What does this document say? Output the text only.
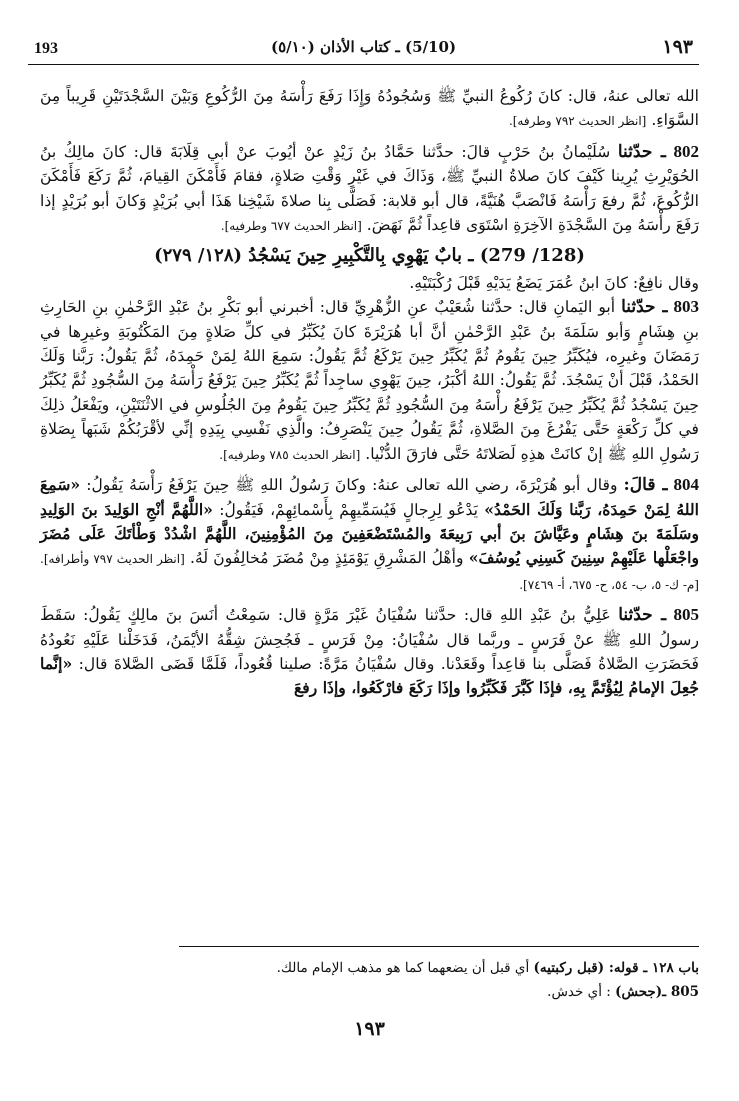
193	(5/10) ـ كتاب الأذان (٥/١٠)	١٩٣

الله تعالى عنهُ، قال: كانَ رُكُوعُ النبيِّ ﷺ وَسُجُودُهُ وَإِذَا رَفَعَ رَأْسَهُ مِنَ الرُّكُوعِ وَبَيْنَ السَّجْدَتَيْنِ قَرِيباً مِنَ السَّوَاءِ. [انظر الحديث ٧٩٢ وطرفه].

802 ـ حدّثنا سُلَيْمانُ بنُ حَرْبٍ قالَ: حدَّثنا حَمَّادُ بنُ زَيْدٍ عنْ أيُوبَ عنْ أبي قِلَابَةَ قال: كانَ مالِكُ بنُ الحُوَيْرِثِ يُرِينا كَيْفَ كانَ صلاةُ النبيِّ ﷺ، وَذَاكَ في غَيْرِ وَقْتِ صَلاةٍ، فقامَ فَأَمْكَنَ القِيامَ، ثُمَّ رَكَعَ فَأَمْكَنَ الرُّكُوعَ، ثُمَّ رفعَ رَأْسَهُ فَانْصَبَّ هُنَيَّةً، قال أبو قلابة: فَصَلَّى بِنا صلاةَ شَيْخِنا هَذَا أبي بُرَيْدٍ وَكانَ أبو بُرَيْدٍ إذا رَفَعَ رأْسَهُ مِنَ السَّجْدَةِ الآخِرَةِ اسْتَوَى قاعِداً ثُمَّ نَهَضَ. [انظر الحديث ٦٧٧ وطرفيه].

(128/ 279) ـ بابٌ يَهْوِي بِالتَّكْبِيرِ حِينَ يَسْجُدُ (١٢٨/ ٢٧٩)

وقال نافِعٌ: كانَ ابنُ عُمَرَ يَضَعُ يَدَيْهِ قَبْلَ رُكْبَتَيْهِ.

803 ـ حدّثنا أبو اليَمانِ قال: حدَّثنا شُعَيْبٌ عنِ الزُّهْرِيِّ قال: أخبرني أبو بَكْرِ بنُ عَبْدِ الرَّحْمٰنِ بنِ الحَارِثِ بنِ هِشَامٍ وَأبو سَلَمَةَ بنُ عَبْدِ الرَّحْمٰنِ أنَّ أبا هُرَيْرَةَ كانَ يُكَبِّرُ في كلِّ صَلاةٍ مِنَ المَكْتُوبَةِ وغيرِها في رَمَضَانَ وغيرِه، فيُكَبِّرُ حِينَ يَقُومُ ثُمَّ يُكَبِّرُ حِينَ يَرْكَعُ ثُمَّ يَقُولُ: سَمِعَ اللهُ لِمَنْ حَمِدَهُ، ثُمَّ يَقُولُ: رَبَّنا وَلَكَ الحَمْدُ، قَبْلَ أنْ يَسْجُدَ. ثُمَّ يَقُولُ: اللهُ أكْبَرُ، حِينَ يَهْوِي ساجِداً ثُمَّ يُكَبِّرُ حِينَ يَرْفَعُ رَأْسَهُ مِنَ السُّجُودِ ثُمَّ يُكَبِّرُ حِينَ يَسْجُدُ ثُمَّ يُكَبِّرُ حِينَ يَرْفَعُ رأْسَهُ مِنَ السُّجُودِ ثُمَّ يُكَبِّرُ حِينَ يَقُومُ مِنَ الجُلُوسِ في الاثْنَتَيْنِ، ويَفْعَلُ ذلِكَ في كلِّ رَكْعَةٍ حَتَّى يَفْرُغَ مِنَ الصَّلاةِ، ثُمَّ يَقُولُ حِينَ يَنْصَرِفُ: والَّذِي نَفْسِي بِيَدِهِ إنِّي لأقْرَبُكُمْ شَبَهاً بِصَلاةِ رَسُولِ اللهِ ﷺ إنْ كانَتْ هذِهِ لَصَلاتَهُ حَتَّى فارَقَ الدُّنْيا. [انظر الحديث ٧٨٥ وطرفيه].

804 ـ قالَ: وقال أبو هُرَيْرَةَ، رضي الله تعالى عنهُ: وكانَ رَسُولُ اللهِ ﷺ حِينَ يَرْفَعُ رَأْسَهُ يَقُولُ: «سَمِعَ اللهُ لِمَنْ حَمِدَهُ، رَبَّنا وَلَكَ الحَمْدُ» يَدْعُو لِرِجالٍ فَيُسَمِّيهِمْ بِأَسْمائِهِمْ، فَيَقُولُ: «اللَّهُمَّ أنْجِ الوَلِيدَ بنَ الوَلِيدِ وسَلَمَةَ بنَ هِشَامٍ وعَيَّاشَ بنَ أبي رَبِيعَةَ والمُسْتَضْعَفِينَ مِنَ المُؤْمِنِينَ، اللَّهُمَّ اشْدُدْ وَطْأتَكَ عَلَى مُضَرَ واجْعَلْها عَلَيْهِمْ سِنِينَ كَسِنِي يُوسُفَ» وأهْلُ المَشْرِقِ يَوْمَئِذٍ مِنْ مُضَرَ مُخالِفُونَ لَهُ. [انظر الحديث ٧٩٧ وأطرافه]. [م- ك- ٥، ب- ٥٤، ح- ٦٧٥، أ- ٧٤٦٩].

805 ـ حدّثنا عَلِيُّ بنُ عَبْدِ اللهِ قال: حدَّثنا سُفْيَانُ غَيْرَ مَرَّةٍ قال: سَمِعْتُ أنَسَ بنَ مالِكٍ يَقُولُ: سَقَطَ رسولُ اللهِ ﷺ عنْ فَرَسٍ ـ وربَّما قال سُفْيَانُ: مِنْ فَرَسٍ ـ فَجُحِشَ شِقُّهُ الأيْمَنُ، فَدَخَلْنا عَلَيْهِ نَعُودُهُ فَحَضَرَتِ الصَّلاةُ فَصَلَّى بنا قاعِداً وقَعَدْنا. وقال سُفْيَانُ مَرَّةً: صلينا قُعُوداً، فَلَمَّا قَضَى الصَّلاةَ قال: «إنَّما جُعِلَ الإمامُ لِيُؤْتَمَّ بِهِ، فإذَا كَبَّرَ فَكَبِّرُوا وإذَا رَكَعَ فارْكَعُوا، وإذَا رفعَ

باب ١٢٨ ـ قوله: (قبل ركبتيه) أي قبل أن يضعهما كما هو مذهب الإمام مالك.

805 ـ(جحش) : أي خدش.

١٩٣
